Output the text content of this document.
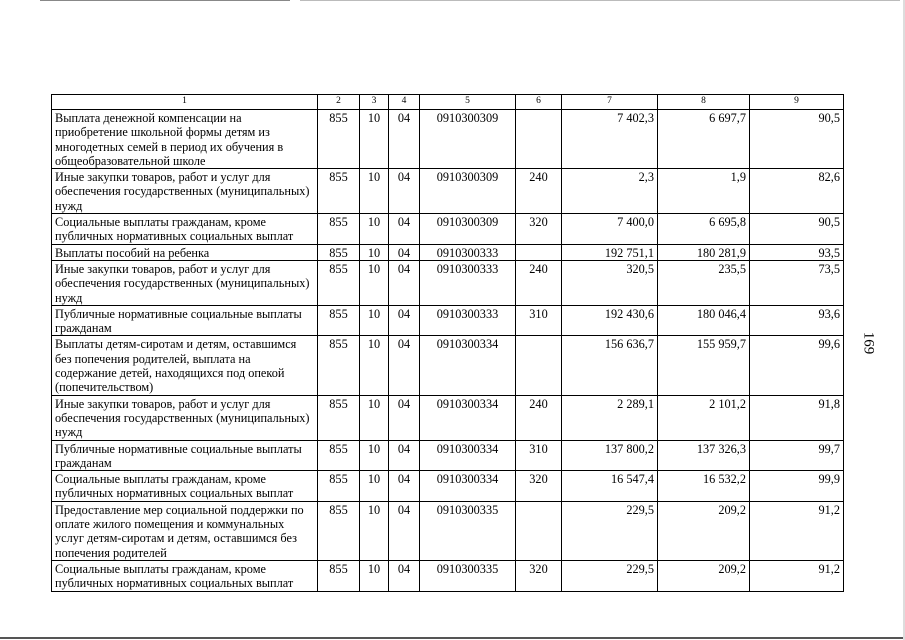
1	2	3	4	5	6	7	8	9
Выплата денежной компенсации на приобретение школьной формы детям из многодетных семей в период их обучения в общеобразовательной школе	855	10	04	0910300309		7 402,3	6 697,7	90,5
Иные закупки товаров, работ и услуг для обеспечения государственных (муниципальных) нужд	855	10	04	0910300309	240	2,3	1,9	82,6
Социальные выплаты гражданам, кроме публичных нормативных социальных выплат	855	10	04	0910300309	320	7 400,0	6 695,8	90,5
Выплаты пособий на ребенка	855	10	04	0910300333		192 751,1	180 281,9	93,5
Иные закупки товаров, работ и услуг для обеспечения государственных (муниципальных) нужд	855	10	04	0910300333	240	320,5	235,5	73,5
Публичные нормативные социальные выплаты гражданам	855	10	04	0910300333	310	192 430,6	180 046,4	93,6
Выплаты детям-сиротам и детям, оставшимся без попечения родителей, выплата на содержание детей, находящихся под опекой (попечительством)	855	10	04	0910300334		156 636,7	155 959,7	99,6
Иные закупки товаров, работ и услуг для обеспечения государственных (муниципальных) нужд	855	10	04	0910300334	240	2 289,1	2 101,2	91,8
Публичные нормативные социальные выплаты гражданам	855	10	04	0910300334	310	137 800,2	137 326,3	99,7
Социальные выплаты гражданам, кроме публичных нормативных социальных выплат	855	10	04	0910300334	320	16 547,4	16 532,2	99,9
Предоставление мер социальной поддержки по оплате жилого помещения и коммунальных услуг детям-сиротам и детям, оставшимся без попечения родителей	855	10	04	0910300335		229,5	209,2	91,2
Социальные выплаты гражданам, кроме публичных нормативных социальных выплат	855	10	04	0910300335	320	229,5	209,2	91,2
169
